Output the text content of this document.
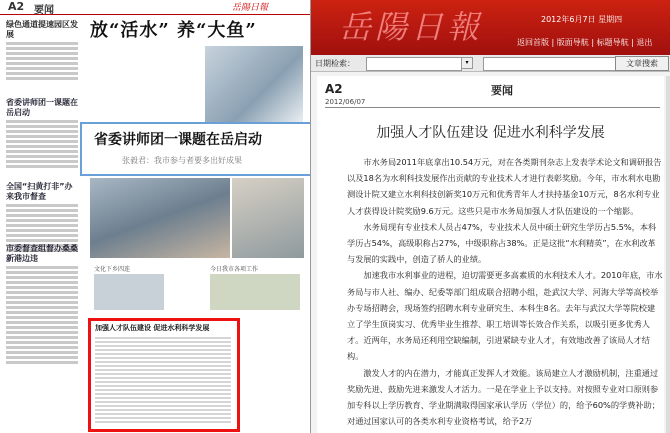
A2 要闻	岳陽日報
绿色通道提速园区发展
省委讲师团一课题在岳启动
全国“扫黄打非”办来我市督查
市委督查组督办桑桑新港边违
放“活水” 养“大鱼”
省委讲师团一课题在岳启动
张毅君：我市参与者要多出好成果
文化下乡四连	今日我市各项工作
加强人才队伍建设 促进水利科学发展
岳陽日報	2012年6月7日 星期四
返回首版 | 版面导航 | 标题导航 | 退出
日期检索：	▾	文章搜索
A2	要闻
2012/06/07
加强人才队伍建设 促进水利科学发展

市水务局2011年底拿出10.54万元，对在各类期刊杂志上发表学术论文和调研报告以及18名为水利科技发展作出贡献的专业技术人才进行表彰奖励。今年，市水利水电勘测设计院又建立水利科技创新奖10万元和优秀青年人才扶持基金10万元，8名水利专业人才获得设计院奖励9.6万元。这些只是市水务局加强人才队伍建设的一个缩影。

水务局现有专业技术人员占47%，专业技术人员中硕士研究生学历占5.5%，本科学历占54%，高级职称占27%，中级职称占38%。正是这批“水利精英”，在水利改革与发展的实践中，创造了骄人的业绩。

加速我市水利事业的进程，迫切需要更多高素质的水利技术人才。2010年底，市水务局与市人社、编办、纪委等部门组成联合招聘小组，赴武汉大学、河海大学等高校举办专场招聘会，现场签约招聘水利专业研究生、本科生8名。去年与武汉大学等院校建立了学生顶岗实习、优秀毕业生推荐、职工培训等长效合作关系，以吸引更多优秀人才。近两年，水务局还利用空缺编制，引进紧缺专业人才，有效地改善了该局人才结构。

激发人才的内在潜力，才能真正发挥人才效能。该局建立人才激励机制，注重通过奖励先进、鼓励先进来激发人才活力。一是在学业上予以支持。对按照专业对口原则参加专科以上学历教育、学业期满取得国家承认学历（学位）的，给予60%的学费补助；对通过国家认可的各类水利专业资格考试，给予2万
